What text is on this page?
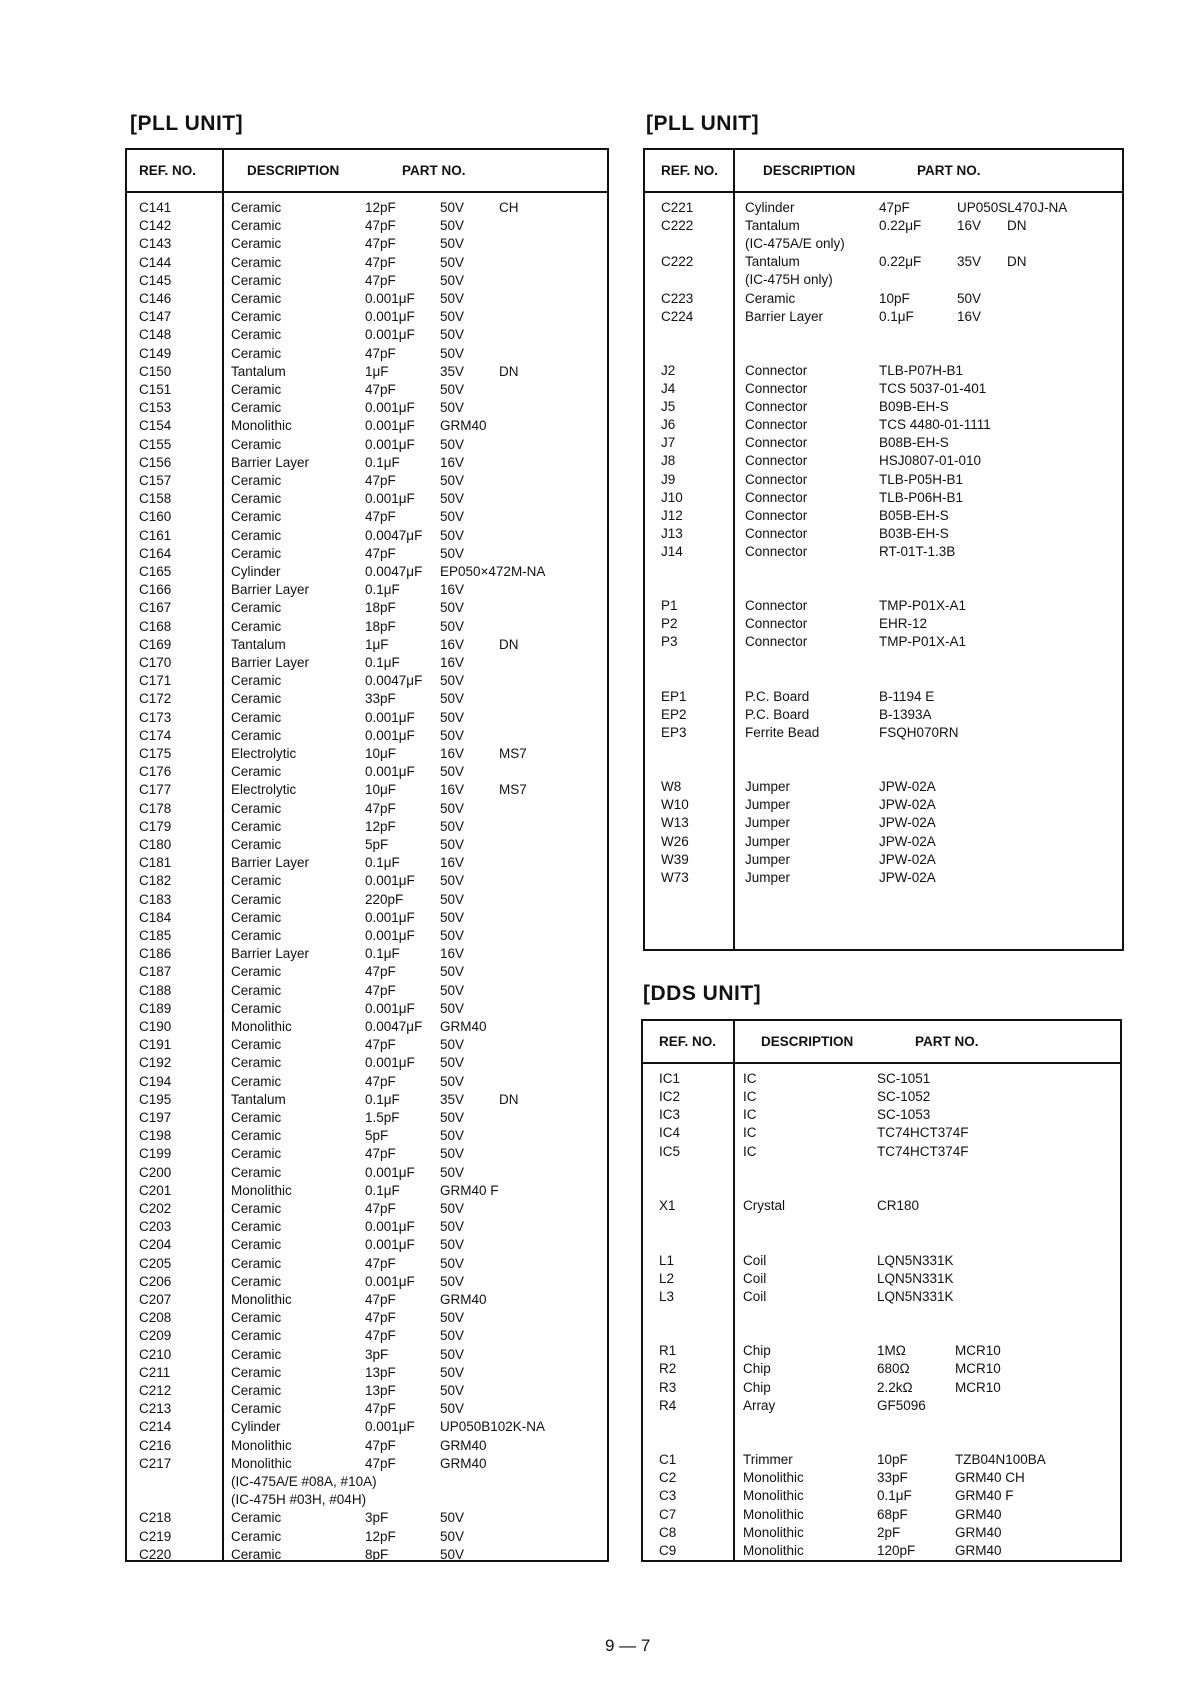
[PLL UNIT]	[PLL UNIT]
[DDS UNIT]
REF. NO.	DESCRIPTION	PART NO.
C141	Ceramic	12pF	50V	CH
C142	Ceramic	47pF	50V
C143	Ceramic	47pF	50V
C144	Ceramic	47pF	50V
C145	Ceramic	47pF	50V
C146	Ceramic	0.001μF 50V
C147	Ceramic	0.001μF 50V
C148	Ceramic	0.001μF 50V
C149	Ceramic	47pF	50V
C150	Tantalum	1μF	35V	DN
C151	Ceramic	47pF	50V
C153	Ceramic	0.001μF 50V
C154	Monolithic	0.001μF GRM40
C155	Ceramic	0.001μF 50V
C156	Barrier Layer	0.1μF	16V
C157	Ceramic	47pF	50V
C158	Ceramic	0.001μF 50V
C160	Ceramic	47pF	50V
C161	Ceramic	0.0047μF 50V
C164	Ceramic	47pF	50V
C165	Cylinder	0.0047μF EP050×472M-NA
C166	Barrier Layer	0.1μF	16V
C167	Ceramic	18pF	50V
C168	Ceramic	18pF	50V
C169	Tantalum	1μF	16V	DN
C170	Barrier Layer	0.1μF	16V
C171	Ceramic	0.0047μF 50V
C172	Ceramic	33pF	50V
C173	Ceramic	0.001μF 50V
C174	Ceramic	0.001μF 50V
C175	Electrolytic	10μF	16V	MS7
C176	Ceramic	0.001μF 50V
C177	Electrolytic	10μF	16V	MS7
C178	Ceramic	47pF	50V
C179	Ceramic	12pF	50V
C180	Ceramic	5pF	50V
C181	Barrier Layer	0.1μF	16V
C182	Ceramic	0.001μF 50V
C183	Ceramic	220pF	50V
C184	Ceramic	0.001μF 50V
C185	Ceramic	0.001μF 50V
C186	Barrier Layer	0.1μF	16V
C187	Ceramic	47pF	50V
C188	Ceramic	47pF	50V
C189	Ceramic	0.001μF 50V
C190	Monolithic	0.0047μF GRM40
C191	Ceramic	47pF	50V
C192	Ceramic	0.001μF 50V
C194	Ceramic	47pF	50V
C195	Tantalum	0.1μF	35V	DN
C197	Ceramic	1.5pF	50V
C198	Ceramic	5pF	50V
C199	Ceramic	47pF	50V
C200	Ceramic	0.001μF 50V
C201	Monolithic	0.1μF	GRM40 F
C202	Ceramic	47pF	50V
C203	Ceramic	0.001μF 50V
C204	Ceramic	0.001μF 50V
C205	Ceramic	47pF	50V
C206	Ceramic	0.001μF 50V
C207	Monolithic	47pF	GRM40
C208	Ceramic	47pF	50V
C209	Ceramic	47pF	50V
C210	Ceramic	3pF	50V
C211	Ceramic	13pF	50V
C212	Ceramic	13pF	50V
C213	Ceramic	47pF	50V
C214	Cylinder	0.001μF UP050B102K-NA
C216	Monolithic	47pF	GRM40
C217	Monolithic	47pF	GRM40
(IC-475A/E #08A, #10A)
(IC-475H #03H, #04H)
C218	Ceramic	3pF	50V
C219	Ceramic	12pF	50V
C220	Ceramic	8pF	50V
REF. NO.	DESCRIPTION	PART NO.
C221	Cylinder	47pF	UP050SL470J-NA
C222	Tantalum	0.22μF	16V DN
(IC-475A/E only)
C222	Tantalum	0.22μF	35V DN
(IC-475H only)
C223	Ceramic	10pF	50V
C224	Barrier Layer	0.1μF	16V
J2	Connector	TLB-P07H-B1
J4	Connector	TCS 5037-01-401
J5	Connector	B09B-EH-S
J6	Connector	TCS 4480-01-1111
J7	Connector	B08B-EH-S
J8	Connector	HSJ0807-01-010
J9	Connector	TLB-P05H-B1
J10	Connector	TLB-P06H-B1
J12	Connector	B05B-EH-S
J13	Connector	B03B-EH-S
J14	Connector	RT-01T-1.3B
P1	Connector	TMP-P01X-A1
P2	Connector	EHR-12
P3	Connector	TMP-P01X-A1
EP1	P.C. Board	B-1194 E
EP2	P.C. Board	B-1393A
EP3	Ferrite Bead	FSQH070RN
W8	Jumper	JPW-02A
W10	Jumper	JPW-02A
W13	Jumper	JPW-02A
W26	Jumper	JPW-02A
W39	Jumper	JPW-02A
W73	Jumper	JPW-02A
REF. NO.	DESCRIPTION	PART NO.
IC1	IC	SC-1051
IC2	IC	SC-1052
IC3	IC	SC-1053
IC4	IC	TC74HCT374F
IC5	IC	TC74HCT374F
X1	Crystal	CR180
L1	Coil	LQN5N331K
L2	Coil	LQN5N331K
L3	Coil	LQN5N331K
R1	Chip	1MΩ	MCR10
R2	Chip	680Ω	MCR10
R3	Chip	2.2kΩ	MCR10
R4	Array	GF5096
C1	Trimmer	10pF	TZB04N100BA
C2	Monolithic	33pF	GRM40 CH
C3	Monolithic	0.1μF	GRM40 F
C7	Monolithic	68pF	GRM40
C8	Monolithic	2pF	GRM40
C9	Monolithic	120pF	GRM40
9 — 7
